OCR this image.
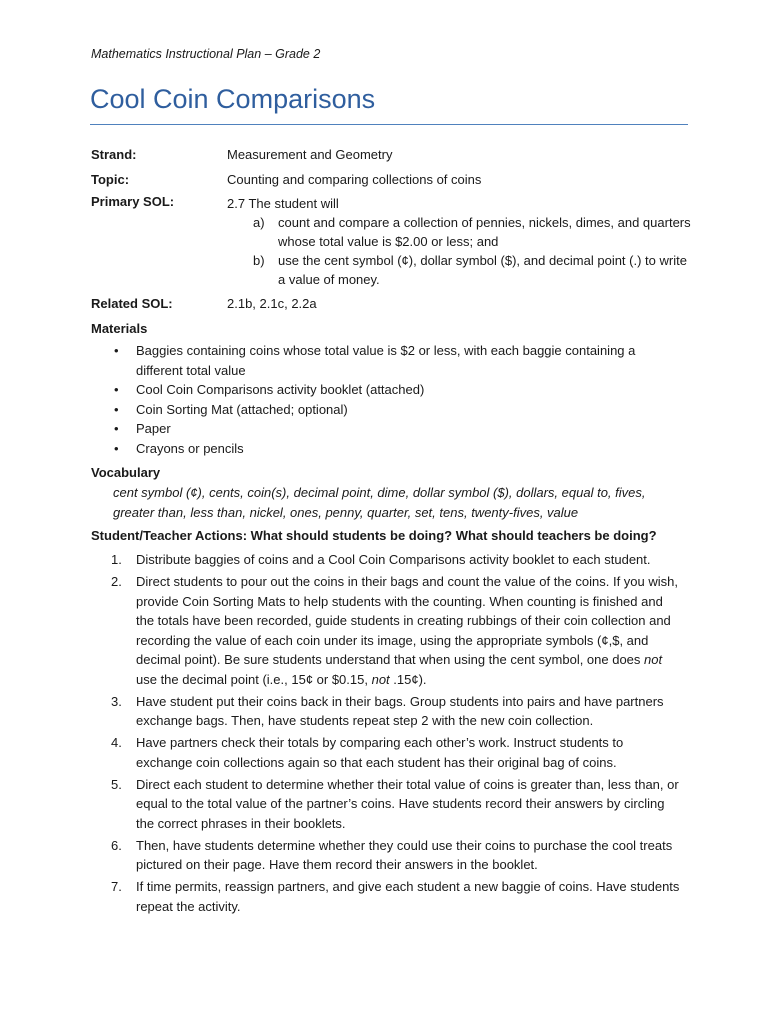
Mathematics Instructional Plan – Grade 2
Cool Coin Comparisons
Strand:	Measurement and Geometry
Topic:	Counting and comparing collections of coins
Primary SOL:	2.7 The student will
a) count and compare a collection of pennies, nickels, dimes, and quarters whose total value is $2.00 or less; and
b) use the cent symbol (¢), dollar symbol ($), and decimal point (.) to write a value of money.
Related SOL:	2.1b, 2.1c, 2.2a
Materials
• Baggies containing coins whose total value is $2 or less, with each baggie containing a different total value
• Cool Coin Comparisons activity booklet (attached)
• Coin Sorting Mat (attached; optional)
• Paper
• Crayons or pencils
Vocabulary
cent symbol (¢), cents, coin(s), decimal point, dime, dollar symbol ($), dollars, equal to, fives, greater than, less than, nickel, ones, penny, quarter, set, tens, twenty-fives, value
Student/Teacher Actions: What should students be doing? What should teachers be doing?
1. Distribute baggies of coins and a Cool Coin Comparisons activity booklet to each student.
2. Direct students to pour out the coins in their bags and count the value of the coins. If you wish, provide Coin Sorting Mats to help students with the counting. When counting is finished and the totals have been recorded, guide students in creating rubbings of their coin collection and recording the value of each coin under its image, using the appropriate symbols (¢,$, and decimal point). Be sure students understand that when using the cent symbol, one does not use the decimal point (i.e., 15¢ or $0.15, not .15¢).
3. Have student put their coins back in their bags. Group students into pairs and have partners exchange bags. Then, have students repeat step 2 with the new coin collection.
4. Have partners check their totals by comparing each other’s work. Instruct students to exchange coin collections again so that each student has their original bag of coins.
5. Direct each student to determine whether their total value of coins is greater than, less than, or equal to the total value of the partner’s coins. Have students record their answers by circling the correct phrases in their booklets.
6. Then, have students determine whether they could use their coins to purchase the cool treats pictured on their page. Have them record their answers in the booklet.
7. If time permits, reassign partners, and give each student a new baggie of coins. Have students repeat the activity.
